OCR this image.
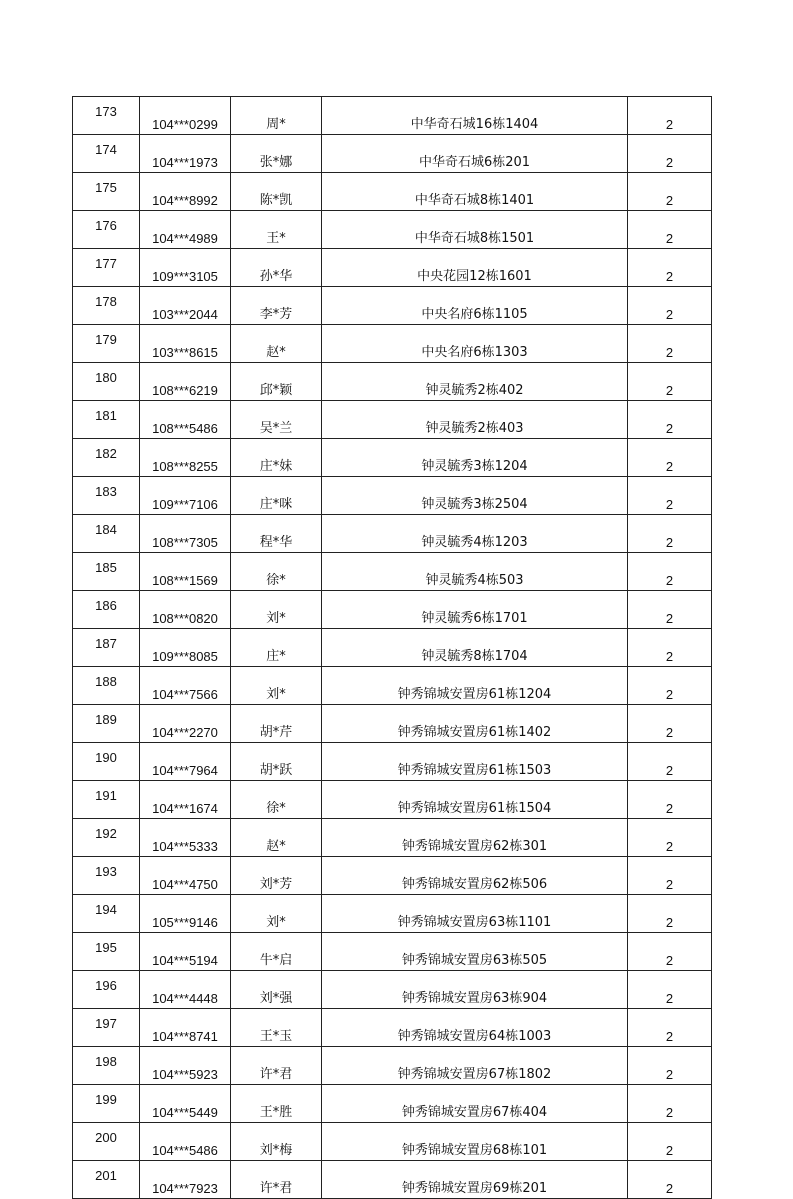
173	104***0299	周*	中华奇石城16栋1404	2
174	104***1973	张*娜	中华奇石城6栋201	2
175	104***8992	陈*凯	中华奇石城8栋1401	2
176	104***4989	王*	中华奇石城8栋1501	2
177	109***3105	孙*华	中央花园12栋1601	2
178	103***2044	李*芳	中央名府6栋1105	2
179	103***8615	赵*	中央名府6栋1303	2
180	108***6219	邱*颖	钟灵毓秀2栋402	2
181	108***5486	吴*兰	钟灵毓秀2栋403	2
182	108***8255	庄*妹	钟灵毓秀3栋1204	2
183	109***7106	庄*咪	钟灵毓秀3栋2504	2
184	108***7305	程*华	钟灵毓秀4栋1203	2
185	108***1569	徐*	钟灵毓秀4栋503	2
186	108***0820	刘*	钟灵毓秀6栋1701	2
187	109***8085	庄*	钟灵毓秀8栋1704	2
188	104***7566	刘*	钟秀锦城安置房61栋1204	2
189	104***2270	胡*芹	钟秀锦城安置房61栋1402	2
190	104***7964	胡*跃	钟秀锦城安置房61栋1503	2
191	104***1674	徐*	钟秀锦城安置房61栋1504	2
192	104***5333	赵*	钟秀锦城安置房62栋301	2
193	104***4750	刘*芳	钟秀锦城安置房62栋506	2
194	105***9146	刘*	钟秀锦城安置房63栋1101	2
195	104***5194	牛*启	钟秀锦城安置房63栋505	2
196	104***4448	刘*强	钟秀锦城安置房63栋904	2
197	104***8741	王*玉	钟秀锦城安置房64栋1003	2
198	104***5923	许*君	钟秀锦城安置房67栋1802	2
199	104***5449	王*胜	钟秀锦城安置房67栋404	2
200	104***5486	刘*梅	钟秀锦城安置房68栋101	2
201	104***7923	许*君	钟秀锦城安置房69栋201	2
